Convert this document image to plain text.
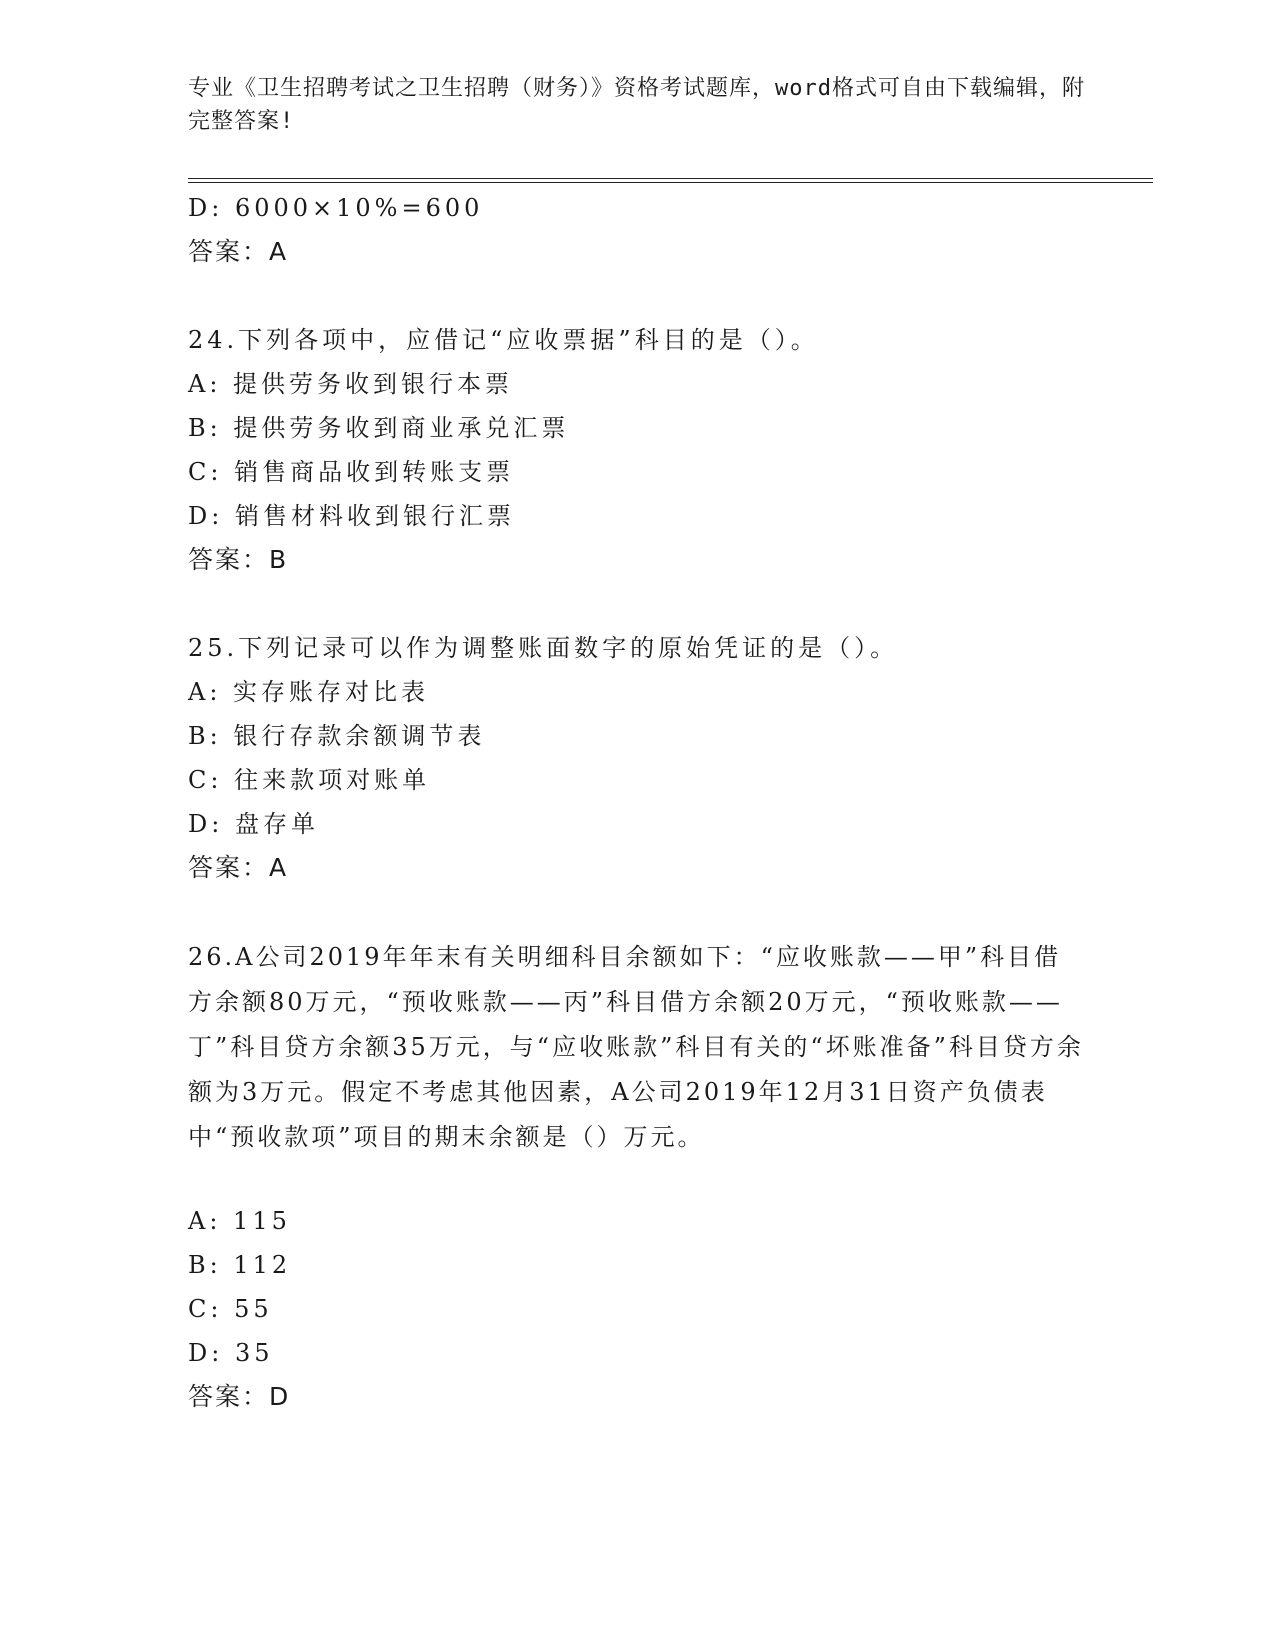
专业《卫生招聘考试之卫生招聘（财务）》资格考试题库，word格式可自由下载编辑，附完整答案!
D: 6000×10%=600
答案：A
24.下列各项中，应借记“应收票据”科目的是（）。
A: 提供劳务收到银行本票
B: 提供劳务收到商业承兑汇票
C: 销售商品收到转账支票
D: 销售材料收到银行汇票
答案：B
25.下列记录可以作为调整账面数字的原始凭证的是（）。
A: 实存账存对比表
B: 银行存款余额调节表
C: 往来款项对账单
D: 盘存单
答案：A
26.A公司2019年年末有关明细科目余额如下：“应收账款——甲”科目借方余额80万元，“预收账款——丙”科目借方余额20万元，“预收账款——丁”科目贷方余额35万元，与“应收账款”科目有关的“坏账准备”科目贷方余额为3万元。假定不考虑其他因素，A公司2019年12月31日资产负债表中“预收款项”项目的期末余额是（）万元。
A: 115
B: 112
C: 55
D: 35
答案：D
